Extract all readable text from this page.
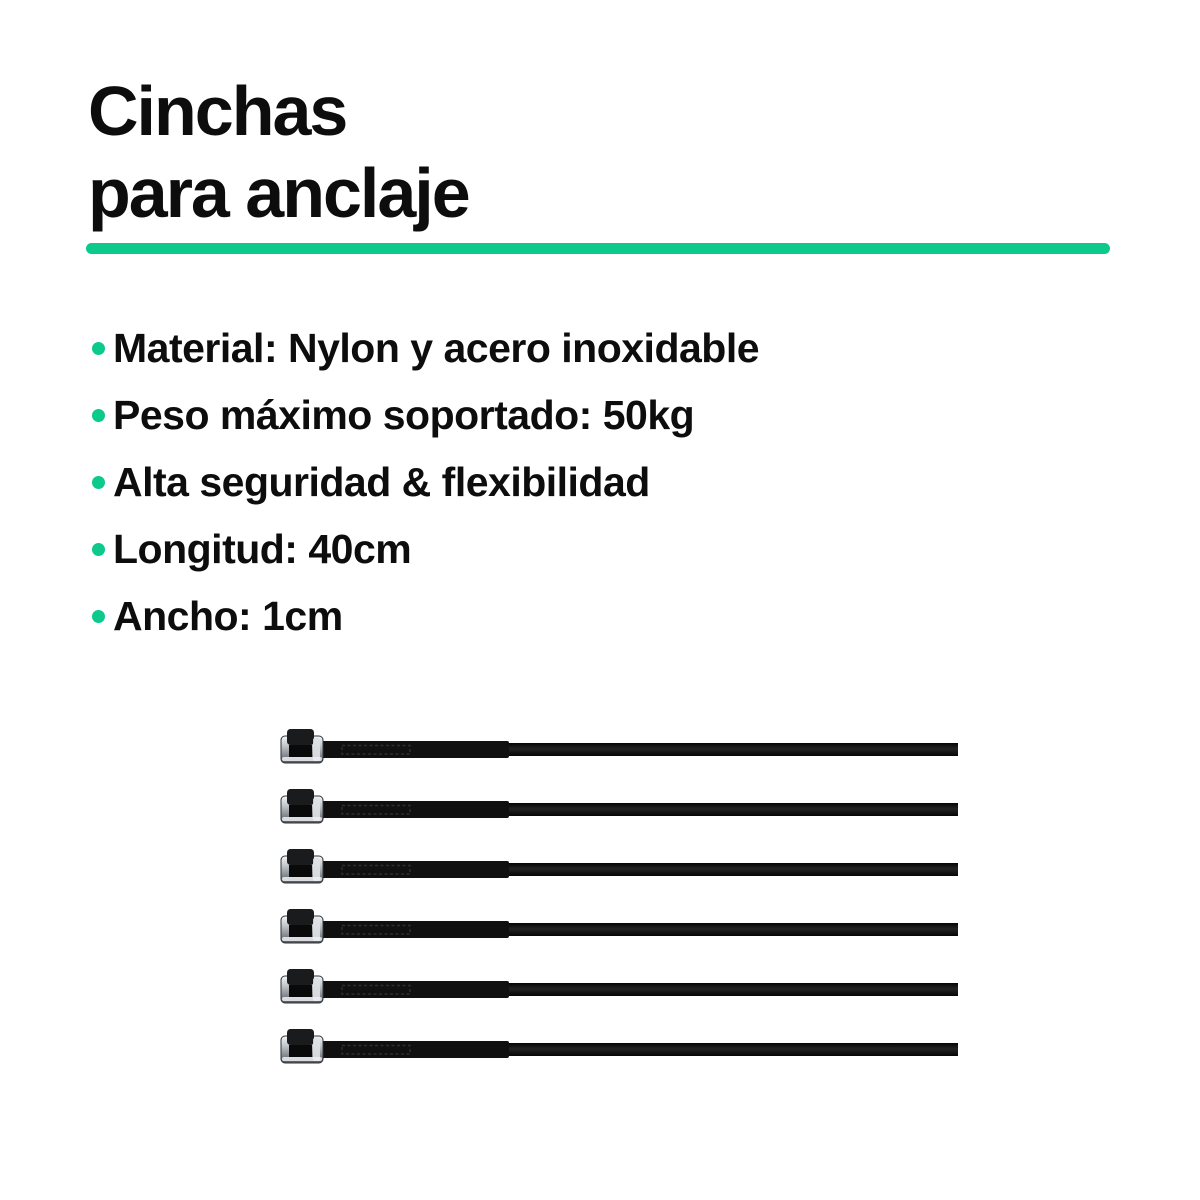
Cinchas
para anclaje
Material: Nylon y acero inoxidable
Peso máximo soportado: 50kg
Alta seguridad & flexibilidad
Longitud: 40cm
Ancho: 1cm
